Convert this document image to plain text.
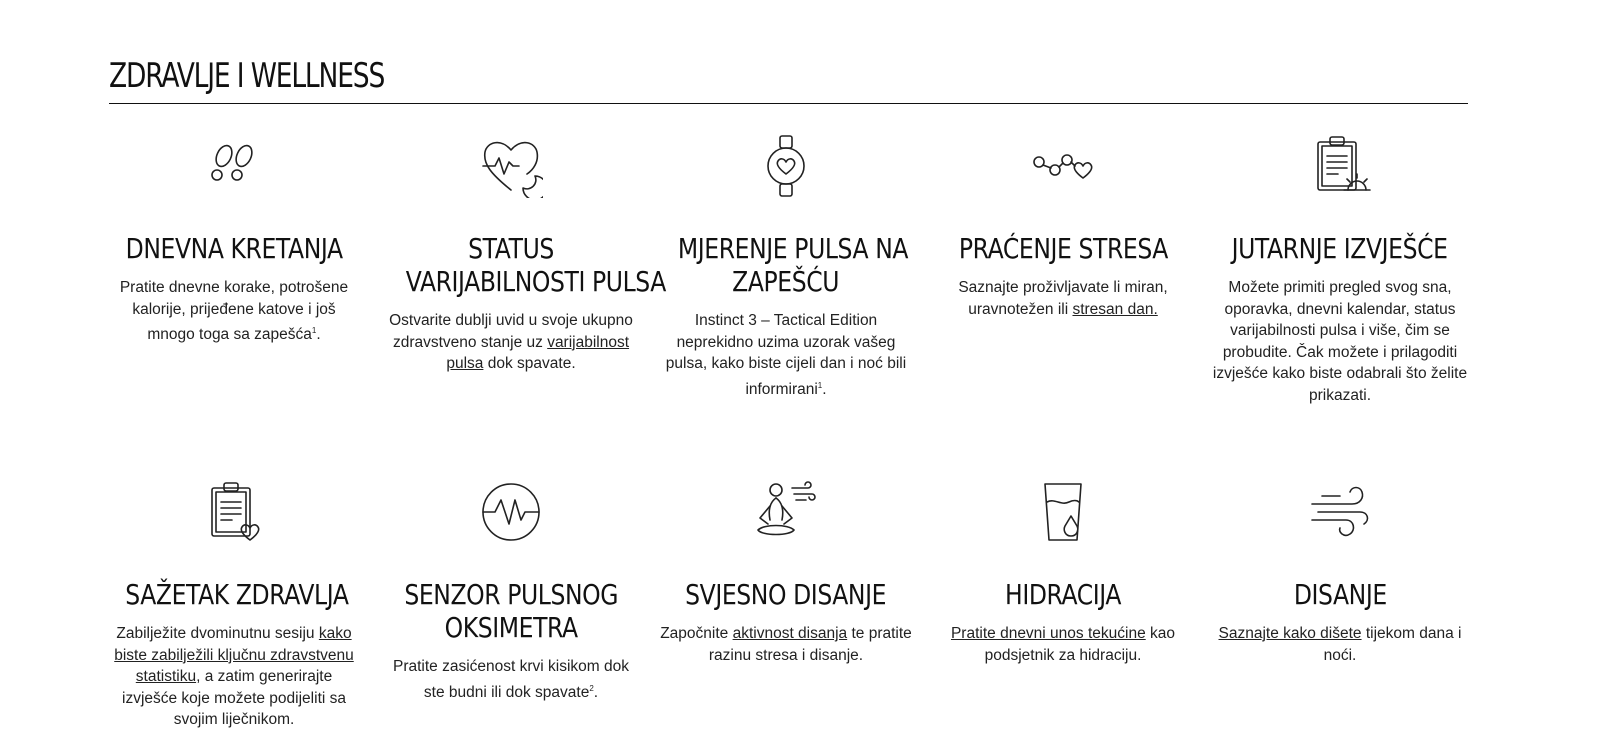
ZDRAVLJE I WELLNESS
DNEVNA KRETANJA

Pratite dnevne korake, potrošene kalorije, prijeđene katove i još mnogo toga sa zapešća$^1$.

STATUS
VARIJABILNOSTI PULSA

Ostvarite dublji uvid u svoje ukupno zdravstveno stanje uz varijabilnost pulsa dok spavate.

MJERENJE PULSA NA
ZAPEŠĆU

Instinct 3 – Tactical Edition neprekidno uzima uzorak vašeg pulsa, kako biste cijeli dan i noć bili informirani$^1$.

PRAĆENJE STRESA

Saznajte proživljavate li miran, uravnotežen ili stresan dan.

JUTARNJE IZVJEŠĆE

Možete primiti pregled svog sna, oporavka, dnevni kalendar, status varijabilnosti pulsa i više, čim se probudite. Čak možete i prilagoditi izvješće kako biste odabrali što želite prikazati.

SAŽETAK ZDRAVLJA

Zabilježite dvominutnu sesiju kako biste zabilježili ključnu zdravstvenu statistiku, a zatim generirajte izvješće koje možete podijeliti sa svojim liječnikom.

SENZOR PULSNOG
OKSIMETRA

Pratite zasićenost krvi kisikom dok ste budni ili dok spavate$^2$.

SVJESNO DISANJE

Započnite aktivnost disanja te pratite razinu stresa i disanje.

HIDRACIJA

Pratite dnevni unos tekućine kao podsjetnik za hidraciju.

DISANJE

Saznajte kako dišete tijekom dana i noći.
